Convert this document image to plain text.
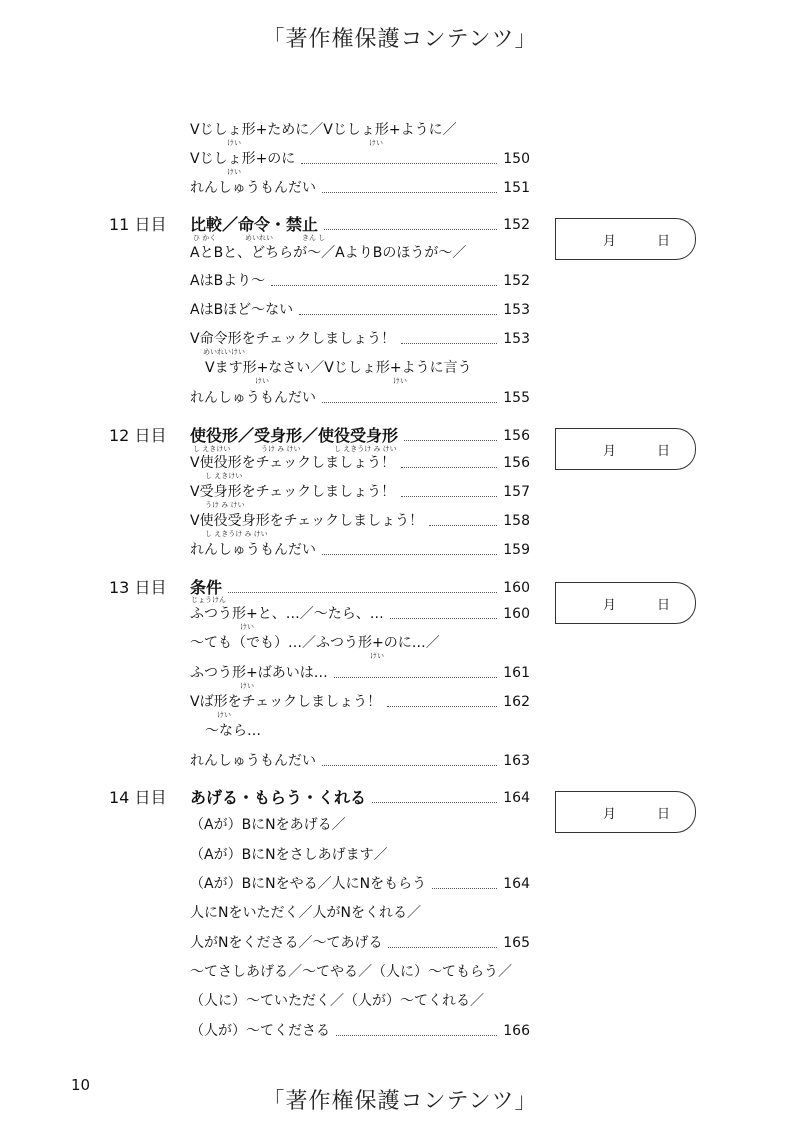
「著作権保護コンテンツ」
Vじしょ形+ために／Vじしょ形+ように／
けい	けい
Vじしょ形+のに	150
けい
れんしゅうもんだい	151
11 日目 比較／命令・禁止	152
ひ かく	めいれい	きん し	月	日
AとBと、どちらが〜／AよりBのほうが〜／
AはBより〜	152
AはBほど〜ない	153
V命令形をチェックしましょう！	153
めいれいけい
Vます形+なさい／Vじしょ形+ように言う
けい	けい
れんしゅうもんだい	155
12 日目 使役形／受身形／使役受身形	156
し えきけい	うけ み けい	し えきうけ み けい	月	日
V使役形をチェックしましょう！	156
し えきけい
V受身形をチェックしましょう！	157
うけ み けい
V使役受身形をチェックしましょう！	158
し えきうけ み けい
れんしゅうもんだい	159
13 日目 条件	160
じょうけん	月	日
ふつう形+と、…／〜たら、…	160
けい
〜ても（でも）…／ふつう形+のに…／
けい
ふつう形+ばあいは…	161
けい
Vば形をチェックしましょう！	162
けい
〜なら…
れんしゅうもんだい	163
14 日目 あげる・もらう・くれる	164
月	日
（Aが）BにNをあげる／
（Aが）BにNをさしあげます／
（Aが）BにNをやる／人にNをもらう	164
人にNをいただく／人がNをくれる／
人がNをくださる／〜てあげる	165
〜てさしあげる／〜てやる／（人に）〜てもらう／
（人に）〜ていただく／（人が）〜てくれる／
（人が）〜てくださる	166
10
「著作権保護コンテンツ」
